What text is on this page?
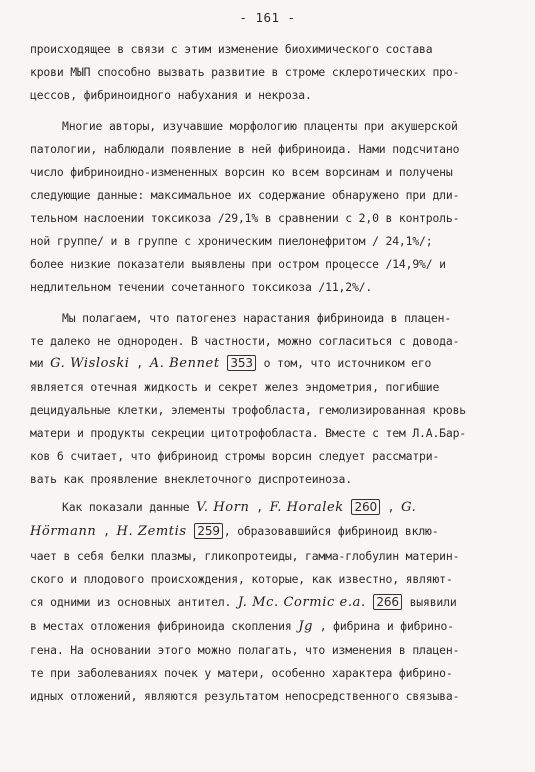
- 161 -
происходящее в связи с этим изменение биохимического состава
крови МЫП способно вызвать развитие в строме склеротических про-
цессов, фибриноидного набухания и некроза.
Многие авторы, изучавшие морфологию плаценты при акушерской
патологии, наблюдали появление в ней фибриноида. Нами подсчитано
число фибриноидно-измененных ворсин ко всем ворсинам и получены
следующие данные: максимальное их содержание обнаружено при дли-
тельном наслоении токсикоза /29,1% в сравнении с 2,0 в контроль-
ной группе/ и в группе с хроническим пиелонефритом / 24,1%/;
более низкие показатели выявлены при остром процессе /14,9%/ и
недлительном течении сочетанного токсикоза /11,2%/.
Мы полагаем, что патогенез нарастания фибриноида в плацен-
те далеко не однороден. В частности, можно согласиться с довода-
ми G. Wisloski , A. Bennet 353 о том, что источником его
является отечная жидкость и секрет желез эндометрия, погибшие
децидуальные клетки, элементы трофобласта, гемолизированная кровь
матери и продукты секреции цитотрофобласта. Вместе с тем Л.А.Бар-
ков 6 считает, что фибриноид стромы ворсин следует рассматри-
вать как проявление внеклеточного диспротеиноза.
Как показали данные V. Horn , F. Horalek 260 , G.
Hörmann , H. Zemtis 259 , образовавшийся фибриноид вклю-
чает в себя белки плазмы, гликопротеиды, гамма-глобулин материн-
ского и плодового происхождения, которые, как известно, являют-
ся одними из основных антител. J. Mc. Cormic e.a. 266 выявили
в местах отложения фибриноида скопления Jg , фибрина и фибрино-
гена. На основании этого можно полагать, что изменения в плацен-
те при заболеваниях почек у матери, особенно характера фибрино-
идных отложений, являются результатом непосредственного связыва-
